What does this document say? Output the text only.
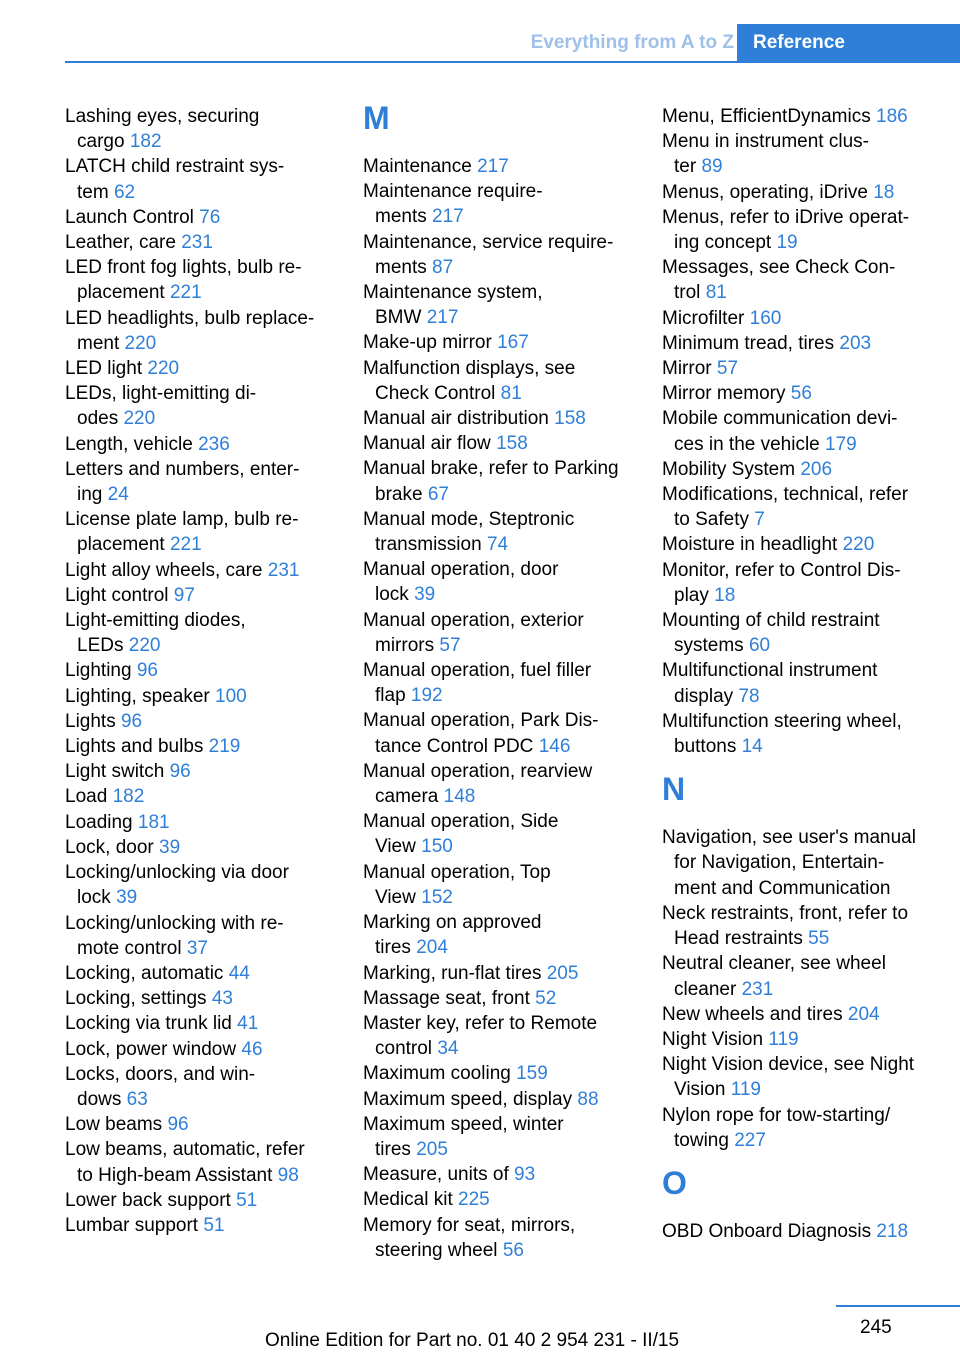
Everything from A to Z	Reference
Lashing eyes, securing
cargo 182
LATCH child restraint sys-
tem 62
Launch Control 76
Leather, care 231
LED front fog lights, bulb re-
placement 221
LED headlights, bulb replace-
ment 220
LED light 220
LEDs, light-emitting di-
odes 220
Length, vehicle 236
Letters and numbers, enter-
ing 24
License plate lamp, bulb re-
placement 221
Light alloy wheels, care 231
Light control 97
Light-emitting diodes,
LEDs 220
Lighting 96
Lighting, speaker 100
Lights 96
Lights and bulbs 219
Light switch 96
Load 182
Loading 181
Lock, door 39
Locking/unlocking via door
lock 39
Locking/unlocking with re-
mote control 37
Locking, automatic 44
Locking, settings 43
Locking via trunk lid 41
Lock, power window 46
Locks, doors, and win-
dows 63
Low beams 96
Low beams, automatic, refer
to High-beam Assistant 98
Lower back support 51
Lumbar support 51
M
Maintenance 217
Maintenance require-
ments 217
Maintenance, service require-
ments 87
Maintenance system,
BMW 217
Make-up mirror 167
Malfunction displays, see
Check Control 81
Manual air distribution 158
Manual air flow 158
Manual brake, refer to Parking
brake 67
Manual mode, Steptronic
transmission 74
Manual operation, door
lock 39
Manual operation, exterior
mirrors 57
Manual operation, fuel filler
flap 192
Manual operation, Park Dis-
tance Control PDC 146
Manual operation, rearview
camera 148
Manual operation, Side
View 150
Manual operation, Top
View 152
Marking on approved
tires 204
Marking, run-flat tires 205
Massage seat, front 52
Master key, refer to Remote
control 34
Maximum cooling 159
Maximum speed, display 88
Maximum speed, winter
tires 205
Measure, units of 93
Medical kit 225
Memory for seat, mirrors,
steering wheel 56
Menu, EfficientDynamics 186
Menu in instrument clus-
ter 89
Menus, operating, iDrive 18
Menus, refer to iDrive operat-
ing concept 19
Messages, see Check Con-
trol 81
Microfilter 160
Minimum tread, tires 203
Mirror 57
Mirror memory 56
Mobile communication devi-
ces in the vehicle 179
Mobility System 206
Modifications, technical, refer
to Safety 7
Moisture in headlight 220
Monitor, refer to Control Dis-
play 18
Mounting of child restraint
systems 60
Multifunctional instrument
display 78
Multifunction steering wheel,
buttons 14
N
Navigation, see user's manual
for Navigation, Entertain-
ment and Communication
Neck restraints, front, refer to
Head restraints 55
Neutral cleaner, see wheel
cleaner 231
New wheels and tires 204
Night Vision 119
Night Vision device, see Night
Vision 119
Nylon rope for tow-starting/
towing 227
O
OBD Onboard Diagnosis 218
245
Online Edition for Part no. 01 40 2 954 231 - II/15
